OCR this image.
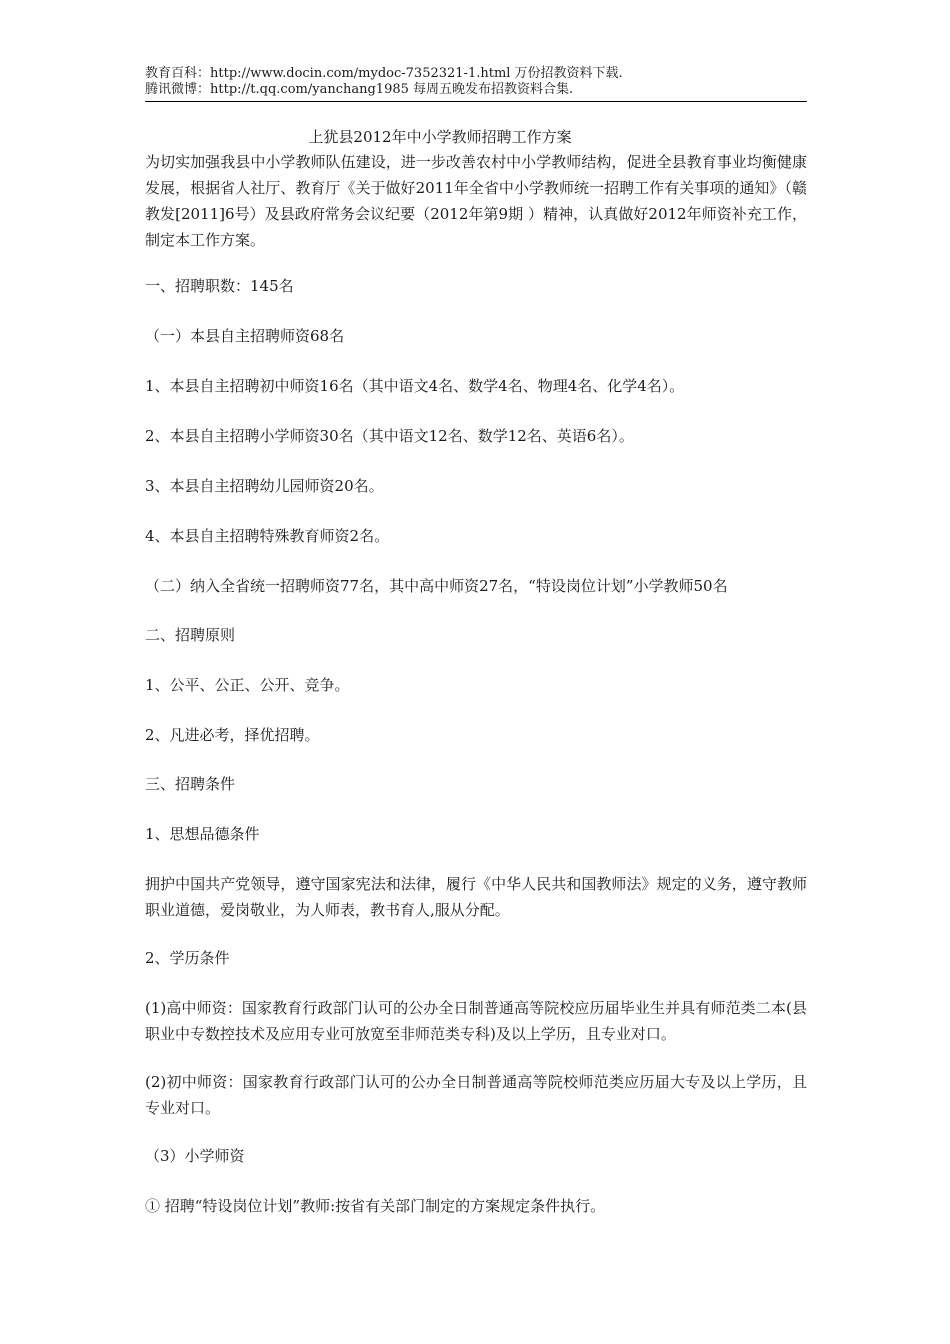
教育百科：http://www.docin.com/mydoc-7352321-1.html 万份招教资料下载.
腾讯微博：http://t.qq.com/yanchang1985 每周五晚发布招教资料合集.
上犹县2012年中小学教师招聘工作方案

为切实加强我县中小学教师队伍建设，进一步改善农村中小学教师结构，促进全县教育事业均衡健康发展，根据省人社厅、教育厅《关于做好2011年全省中小学教师统一招聘工作有关事项的通知》（赣教发[2011]6号）及县政府常务会议纪要（2012年第9期 ）精神，认真做好2012年师资补充工作，制定本工作方案。

一、招聘职数：145名

（一）本县自主招聘师资68名

1、本县自主招聘初中师资16名（其中语文4名、数学4名、物理4名、化学4名）。

2、本县自主招聘小学师资30名（其中语文12名、数学12名、英语6名）。

3、本县自主招聘幼儿园师资20名。

4、本县自主招聘特殊教育师资2名。

（二）纳入全省统一招聘师资77名，其中高中师资27名，“特设岗位计划”小学教师50名

二、招聘原则

1、公平、公正、公开、竞争。

2、凡进必考，择优招聘。

三、招聘条件

1、思想品德条件

拥护中国共产党领导，遵守国家宪法和法律，履行《中华人民共和国教师法》规定的义务，遵守教师职业道德，爱岗敬业，为人师表，教书育人,服从分配。

2、学历条件

(1)高中师资：国家教育行政部门认可的公办全日制普通高等院校应历届毕业生并具有师范类二本(县职业中专数控技术及应用专业可放宽至非师范类专科)及以上学历，且专业对口。

(2)初中师资：国家教育行政部门认可的公办全日制普通高等院校师范类应历届大专及以上学历，且专业对口。

（3）小学师资

① 招聘“特设岗位计划”教师:按省有关部门制定的方案规定条件执行。
